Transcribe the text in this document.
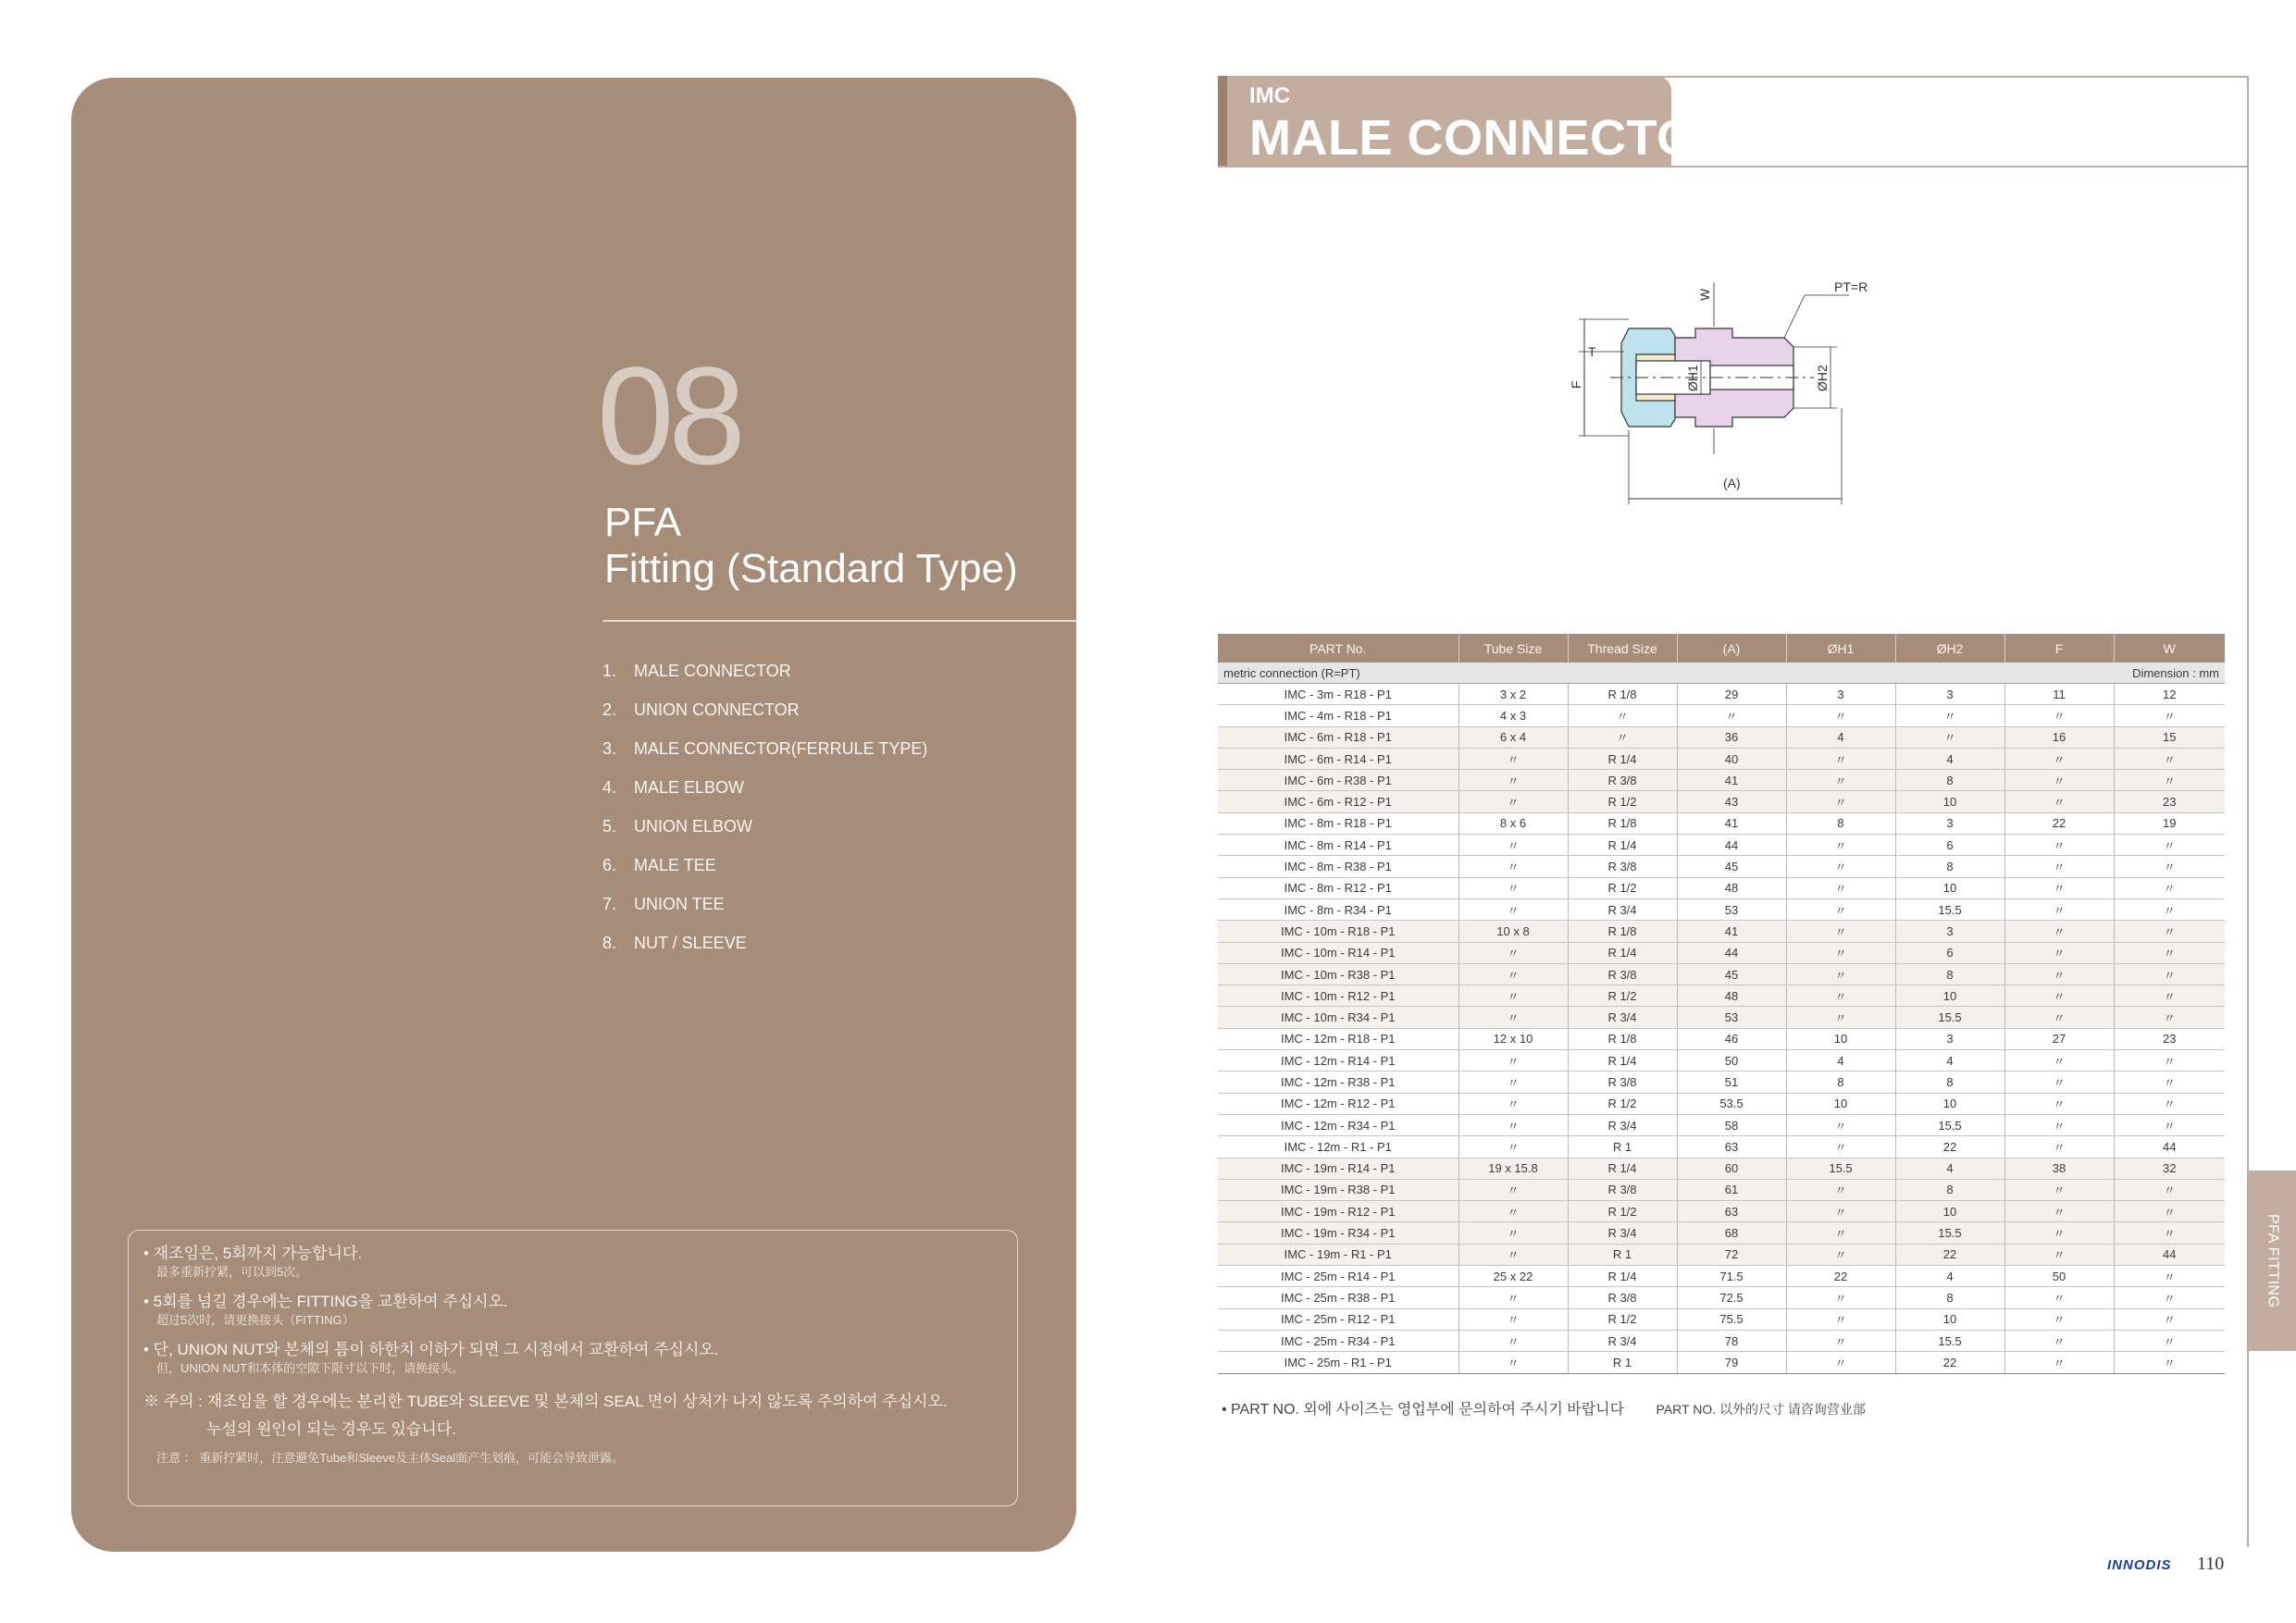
08
PFA
Fitting (Standard Type)
1.	MALE CONNECTOR
2.	UNION CONNECTOR
3.	MALE CONNECTOR(FERRULE TYPE)
4.	MALE ELBOW
5.	UNION ELBOW
6.	MALE TEE
7.	UNION TEE
8.	NUT / SLEEVE
• 재조임은, 5회까지 가능합니다.
最多重新拧紧，可以到5次。
• 5회를 넘길 경우에는 FITTING을 교환하여 주십시오.
超过5次时，请更换接头（FITTING）
• 단, UNION NUT와 본체의 틈이 하한치 이하가 되면 그 시점에서 교환하여 주십시오.
但，UNION NUT和本体的空隙下限寸以下时，请换接头。
※ 주의 : 재조임을 할 경우에는 분리한 TUBE와 SLEEVE 및 본체의 SEAL 면이 상처가 나지 않도록 주의하여 주십시오.
누설의 원인이 되는 경우도 있습니다.
注意 ： 重新拧紧时，注意避免Tube和Sleeve及主体Seal面产生划痕，可能会导致泄露。
IMC
MALE CONNECTOR
PT=R
W
T
F	ØH1	ØH2
(A)
PART No.	Tube Size	Thread Size	(A)	ØH1	ØH2	F	W
metric connection (R=PT) Dimension : mm							

IMC - 3m - R18 - P1	3 x 2	R 1/8	29	3	3	11	12
IMC - 4m - R18 - P1	4 x 3	〃	〃	〃	〃	〃	〃
IMC - 6m - R18 - P1	6 x 4	〃	36	4	〃	16	15
IMC - 6m - R14 - P1	〃	R 1/4	40	〃	4	〃	〃
IMC - 6m - R38 - P1	〃	R 3/8	41	〃	8	〃	〃
IMC - 6m - R12 - P1	〃	R 1/2	43	〃	10	〃	23
IMC - 8m - R18 - P1	8 x 6	R 1/8	41	8	3	22	19
IMC - 8m - R14 - P1	〃	R 1/4	44	〃	6	〃	〃
IMC - 8m - R38 - P1	〃	R 3/8	45	〃	8	〃	〃
IMC - 8m - R12 - P1	〃	R 1/2	48	〃	10	〃	〃
IMC - 8m - R34 - P1	〃	R 3/4	53	〃	15.5	〃	〃
IMC - 10m - R18 - P1	10 x 8	R 1/8	41	〃	3	〃	〃
IMC - 10m - R14 - P1	〃	R 1/4	44	〃	6	〃	〃
IMC - 10m - R38 - P1	〃	R 3/8	45	〃	8	〃	〃
IMC - 10m - R12 - P1	〃	R 1/2	48	〃	10	〃	〃
IMC - 10m - R34 - P1	〃	R 3/4	53	〃	15.5	〃	〃
IMC - 12m - R18 - P1	12 x 10	R 1/8	46	10	3	27	23
IMC - 12m - R14 - P1	〃	R 1/4	50	4	4	〃	〃
IMC - 12m - R38 - P1	〃	R 3/8	51	8	8	〃	〃
IMC - 12m - R12 - P1	〃	R 1/2	53.5	10	10	〃	〃
IMC - 12m - R34 - P1	〃	R 3/4	58	〃	15.5	〃	〃
IMC - 12m - R1 - P1	〃	R 1	63	〃	22	〃	44
IMC - 19m - R14 - P1	19 x 15.8	R 1/4	60	15.5	4	38	32
IMC - 19m - R38 - P1	〃	R 3/8	61	〃	8	〃	〃
IMC - 19m - R12 - P1	〃	R 1/2	63	〃	10	〃	〃
IMC - 19m - R34 - P1	〃	R 3/4	68	〃	15.5	〃	〃
IMC - 19m - R1 - P1	〃	R 1	72	〃	22	〃	44
IMC - 25m - R14 - P1	25 x 22	R 1/4	71.5	22	4	50	〃
IMC - 25m - R38 - P1	〃	R 3/8	72.5	〃	8	〃	〃
IMC - 25m - R12 - P1	〃	R 1/2	75.5	〃	10	〃	〃
IMC - 25m - R34 - P1	〃	R 3/4	78	〃	15.5	〃	〃
IMC - 25m - R1 - P1	〃	R 1	79	〃	22	〃	〃
• PART NO. 외에 사이즈는 영업부에 문의하여 주시기 바랍니다 PART NO. 以外的尺寸 请咨询营业部
PFA FITTING
INNODIS 110
